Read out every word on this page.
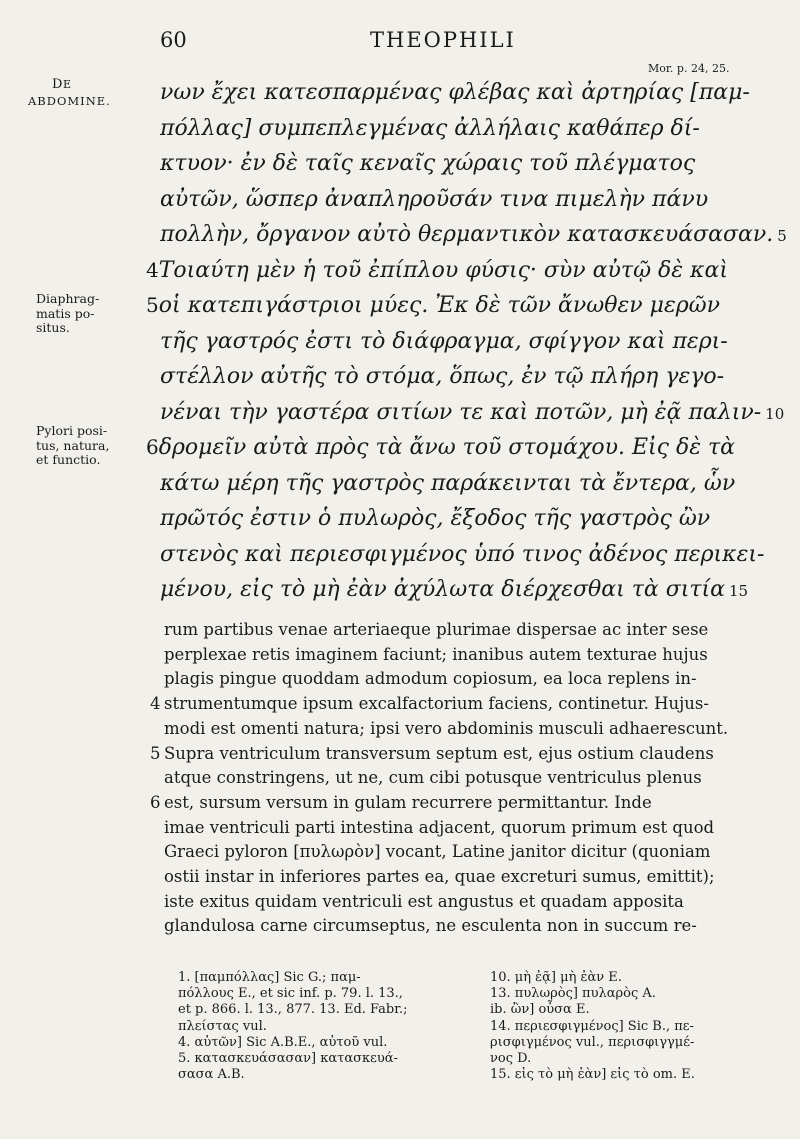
60	THEOPHILI
Mor. p. 24, 25.
DE
ABDOMINE.
Diaphrag-
matis po-
situs.
Pylori posi-
tus, natura,
et functio.
νων ἔχει κατεσπαρμένας φλέβας καὶ ἀρτηρίας [παμ-
πόλλας] συμπεπλεγμένας ἀλλήλαις καθάπερ δί-
κτυον· ἐν δὲ ταῖς κεναῖς χώραις τοῦ πλέγματος
αὐτῶν, ὥσπερ ἀναπληροῦσάν τινα πιμελὴν πάνυ
πολλὴν, ὄργανον αὐτὸ θερμαντικὸν κατασκευάσασαν. 5
4Τοιαύτη μὲν ἡ τοῦ ἐπίπλου φύσις· σὺν αὐτῷ δὲ καὶ
5οἱ κατεπιγάστριοι μύες. Ἐκ δὲ τῶν ἄνωθεν μερῶν
τῆς γαστρός ἐστι τὸ διάφραγμα, σφίγγον καὶ περι-
στέλλον αὐτῆς τὸ στόμα, ὅπως, ἐν τῷ πλήρη γεγο-
νέναι τὴν γαστέρα σιτίων τε καὶ ποτῶν, μὴ ἐᾷ παλιν- 10
6δρομεῖν αὐτὰ πρὸς τὰ ἄνω τοῦ στομάχου. Εἰς δὲ τὰ
κάτω μέρη τῆς γαστρὸς παράκεινται τὰ ἔντερα, ὧν
πρῶτός ἐστιν ὁ πυλωρὸς, ἔξοδος τῆς γαστρὸς ὢν
στενὸς καὶ περιεσφιγμένος ὑπό τινος ἀδένος περικει-
μένου, εἰς τὸ μὴ ἐὰν ἀχύλωτα διέρχεσθαι τὰ σιτία 15
rum partibus venae arteriaeque plurimae dispersae ac inter sese
perplexae retis imaginem faciunt; inanibus autem texturae hujus
plagis pingue quoddam admodum copiosum, ea loca replens in-
4 strumentumque ipsum excalfactorium faciens, continetur. Hujus-
modi est omenti natura; ipsi vero abdominis musculi adhaerescunt.
5 Supra ventriculum transversum septum est, ejus ostium claudens
atque constringens, ut ne, cum cibi potusque ventriculus plenus
6 est, sursum versum in gulam recurrere permittantur. Inde
imae ventriculi parti intestina adjacent, quorum primum est quod
Graeci pyloron [πυλωρὸν] vocant, Latine janitor dicitur (quoniam
ostii instar in inferiores partes ea, quae excreturi sumus, emittit);
iste exitus quidam ventriculi est angustus et quadam apposita
glandulosa carne circumseptus, ne esculenta non in succum re-
1. [παμπόλλας] Sic G.; παμ-
πόλλους E., et sic inf. p. 79. l. 13.,
et p. 866. l. 13., 877. 13. Ed. Fabr.;
πλείστας vul.
4. αὐτῶν] Sic A.B.E., αὐτοῦ vul.
5. κατασκευάσασαν] κατασκευά-
σασα A.B.
10. μὴ ἐᾷ] μὴ ἐὰν E.
13. πυλωρὸς] πυλαρὸς A.
ib. ὢν] οὖσα E.
14. περιεσφιγμένος] Sic B., πε-
ρισφιγμένος vul., περισφιγγμέ-
νος D.
15. εἰς τὸ μὴ ἐὰν] εἰς τὸ om. E.
